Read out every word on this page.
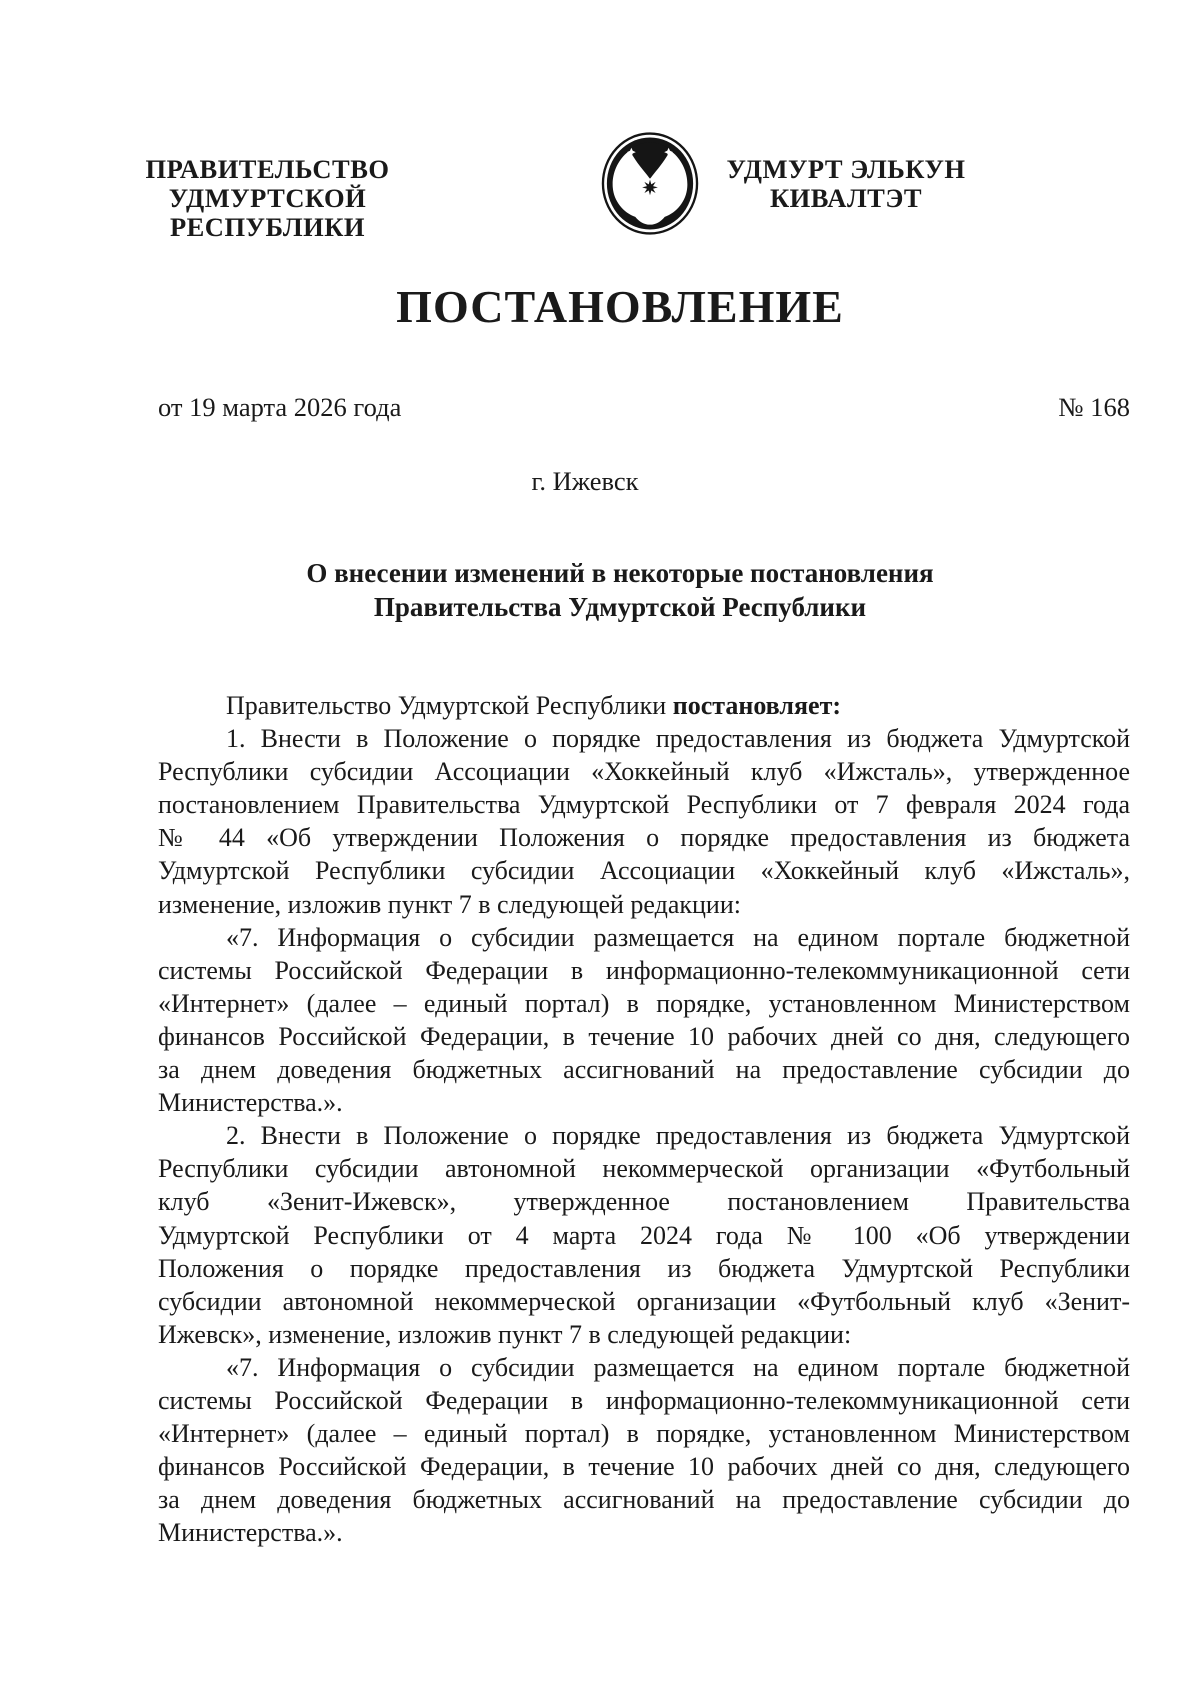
ПРАВИТЕЛЬСТВО
УДМУРТСКОЙ РЕСПУБЛИКИ
УДМУРТ ЭЛЬКУН
КИВАЛТЭТ
ПОСТАНОВЛЕНИЕ
от 19 марта 2026 года	№ 168
г. Ижевск
О внесении изменений в некоторые постановления
Правительства Удмуртской Республики
Правительство Удмуртской Республики постановляет:
1. Внести в Положение о порядке предоставления из бюджета Удмуртской
Республики субсидии Ассоциации «Хоккейный клуб «Ижсталь», утвержденное
постановлением Правительства Удмуртской Республики от 7 февраля 2024 года
№ 44 «Об утверждении Положения о порядке предоставления из бюджета
Удмуртской Республики субсидии Ассоциации «Хоккейный клуб «Ижсталь»,
изменение, изложив пункт 7 в следующей редакции:
«7. Информация о субсидии размещается на едином портале бюджетной
системы Российской Федерации в информационно-телекоммуникационной сети
«Интернет» (далее – единый портал) в порядке, установленном Министерством
финансов Российской Федерации, в течение 10 рабочих дней со дня, следующего
за днем доведения бюджетных ассигнований на предоставление субсидии до
Министерства.».
2. Внести в Положение о порядке предоставления из бюджета Удмуртской
Республики субсидии автономной некоммерческой организации «Футбольный
клуб «Зенит-Ижевск», утвержденное постановлением Правительства
Удмуртской Республики от 4 марта 2024 года № 100 «Об утверждении
Положения о порядке предоставления из бюджета Удмуртской Республики
субсидии автономной некоммерческой организации «Футбольный клуб «Зенит-
Ижевск», изменение, изложив пункт 7 в следующей редакции:
«7. Информация о субсидии размещается на едином портале бюджетной
системы Российской Федерации в информационно-телекоммуникационной сети
«Интернет» (далее – единый портал) в порядке, установленном Министерством
финансов Российской Федерации, в течение 10 рабочих дней со дня, следующего
за днем доведения бюджетных ассигнований на предоставление субсидии до
Министерства.».
